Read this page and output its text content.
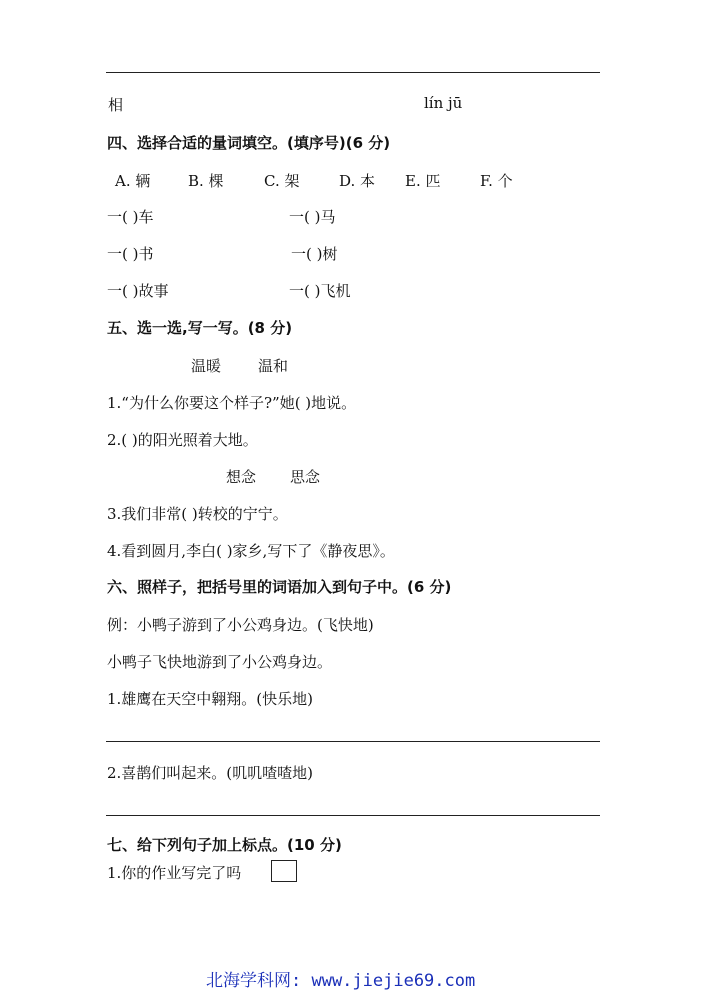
相	lín jū
四、选择合适的量词填空。(填序号)(6 分)
A. 辆	B. 棵	C. 架	D. 本 E. 匹	F. 个
一( )车	一( )马
一( )书	一( )树
一( )故事	一( )飞机
五、选一选,写一写。(8 分)
温暖 温和
1.“为什么你要这个样子?”她( )地说。
2.( )的阳光照着大地。
想念 思念
3.我们非常( )转校的宁宁。
4.看到圆月,李白( )家乡,写下了《静夜思》。
六、照样子，把括号里的词语加入到句子中。(6 分)
例：小鸭子游到了小公鸡身边。(飞快地)
小鸭子飞快地游到了小公鸡身边。
1.雄鹰在天空中翱翔。(快乐地)
2.喜鹊们叫起来。(叽叽喳喳地)
七、给下列句子加上标点。(10 分)
1.你的作业写完了吗
北海学科网: www.jiejie69.com
